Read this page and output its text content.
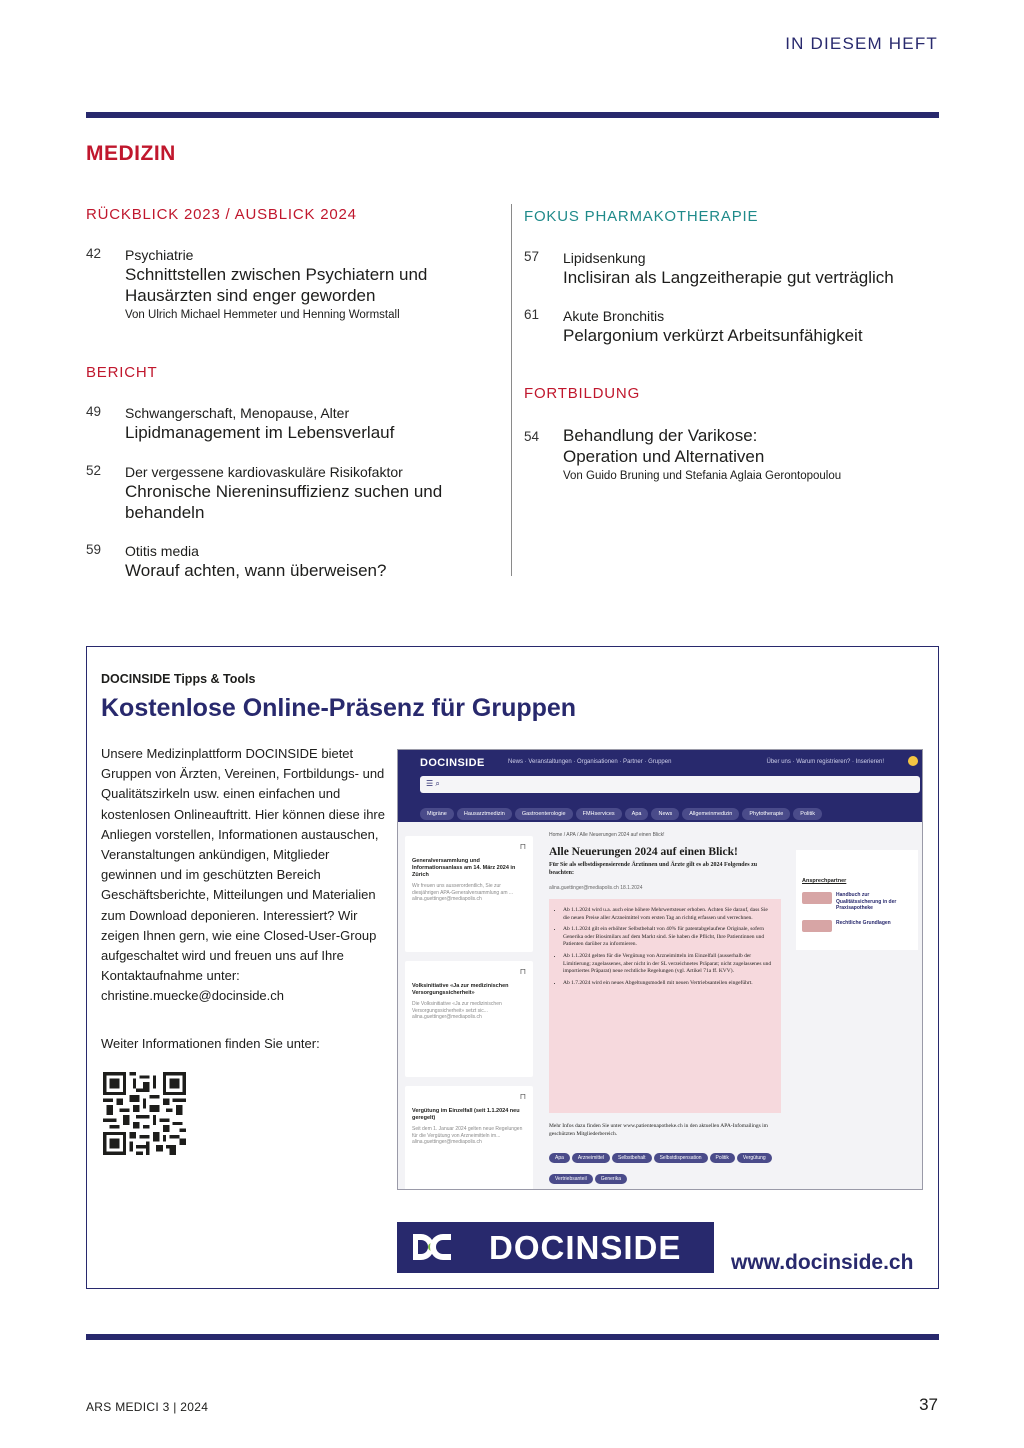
IN DIESEM HEFT
MEDIZIN
RÜCKBLICK 2023 / AUSBLICK 2024
42 Psychiatrie
Schnittstellen zwischen Psychiatern und Hausärzten sind enger geworden
Von Ulrich Michael Hemmeter und Henning Wormstall
BERICHT
49 Schwangerschaft, Menopause, Alter
Lipidmanagement im Lebensverlauf
52 Der vergessene kardiovaskuläre Risikofaktor
Chronische Niereninsuffizienz suchen und behandeln
59 Otitis media
Worauf achten, wann überweisen?
FOKUS PHARMAKOTHERAPIE
57 Lipidsenkung
Inclisiran als Langzeitherapie gut verträglich
61 Akute Bronchitis
Pelargonium verkürzt Arbeitsunfähigkeit
FORTBILDUNG
54 Behandlung der Varikose: Operation und Alternativen
Von Guido Bruning und Stefania Aglaia Gerontopoulou
DOCINSIDE Tipps & Tools
Kostenlose Online-Präsenz für Gruppen
Unsere Medizinplattform DOCINSIDE bietet Gruppen von Ärzten, Vereinen, Fortbildungs- und Qualitätszirkeln usw. einen einfachen und kostenlosen Onlineauftritt. Hier können diese ihre Anliegen vorstellen, Informationen austauschen, Veranstaltungen ankündigen, Mitglieder gewinnen und im geschützten Bereich Geschäftsberichte, Mitteilungen und Materialien zum Download deponieren. Interessiert? Wir zeigen Ihnen gern, wie eine Closed-User-Group aufgeschaltet wird und freuen uns auf Ihre Kontaktaufnahme unter: christine.muecke@docinside.ch
Weiter Informationen finden Sie unter:
DOCINSIDE	News · Veranstaltungen · Organisationen · Partner · Gruppen	Über uns · Warum registrieren? · Inserieren!
☰ ⌕
Migräne	Hausarztmedizin	Gastroenterologie	FMHservices	Apa	News	Allgemeinmedizin	Phytotherapie	Politik
⊓
Generalversammlung und Informationsanlass am 14. März 2024 in Zürich
Wir freuen uns ausserordentlich, Sie zur diesjährigen APA-Generalversammlung am ... alina.guettinger@mediapolis.ch
⊓
Volksinitiative «Ja zur medizinischen Versorgungssicherheit»
Die Volksinitiative «Ja zur medizinischen Versorgungssicherheit» setzt sic... alina.guettinger@mediapolis.ch
⊓
Vergütung im Einzelfall (seit 1.1.2024 neu geregelt)
Seit dem 1. Januar 2024 gelten neue Regelungen für die Vergütung von Arzneimitteln im... alina.guettinger@mediapolis.ch
Home / APA / Alle Neuerungen 2024 auf einen Blick!
Alle Neuerungen 2024 auf einen Blick!
Für Sie als selbstdispensierende Ärztinnen und Ärzte gilt es ab 2024 Folgendes zu beachten:
alina.guettinger@mediapolis.ch 18.1.2024
• Ab 1.1.2024 wird u.a. auch eine höhere Mehrwertsteuer erhoben. Achten Sie darauf, dass Sie die neuen Preise aller Arzneimittel vom ersten Tag an richtig erfassen und verrechnen.
• Ab 1.1.2024 gilt ein erhöhter Selbstbehalt von 40% für patentabgelaufene Originale, sofern Generika oder Biosimilars auf dem Markt sind. Sie haben die Pflicht, Ihre Patientinnen und Patienten darüber zu informieren.
• Ab 1.1.2024 gelten für die Vergütung von Arzneimitteln im Einzelfall (ausserhalb der Limitierung; zugelassenes, aber nicht in der SL verzeichnetes Präparat; nicht zugelassenes und importiertes Präparat) neue rechtliche Regelungen (vgl. Artikel 71a ff. KVV).
• Ab 1.7.2024 wird ein neues Abgeltungsmodell mit neuen Vertriebsanteilen eingeführt.
Mehr Infos dazu finden Sie unter www.patientenapotheke.ch in den aktuellen APA-Infomailings im geschützten Mitgliederbereich.
Apa	Arzneimittel	Selbstbehalt	Selbstdispensation	Politik	VergütungVertriebsanteil	Generika
Ansprechpartner
Handbuch zur Qualitätssicherung in der Praxisapotheke
Rechtliche Grundlagen
DOCINSIDE www.docinside.ch
ARS MEDICI 3 | 2024	37
